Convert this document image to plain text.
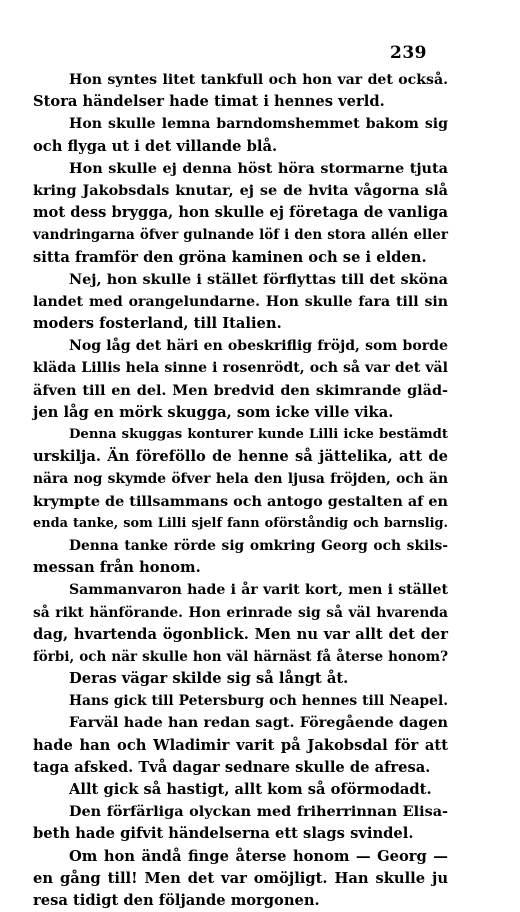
239
Hon syntes litet tankfull och hon var det också.
Stora händelser hade timat i hennes verld.
Hon skulle lemna barndomshemmet bakom sig
och flyga ut i det villande blå.
Hon skulle ej denna höst höra stormarne tjuta
kring Jakobsdals knutar, ej se de hvita vågorna slå
mot dess brygga, hon skulle ej företaga de vanliga
vandringarna öfver gulnande löf i den stora allén eller
sitta framför den gröna kaminen och se i elden.
Nej, hon skulle i stället förflyttas till det sköna
landet med orangelundarne. Hon skulle fara till sin
moders fosterland, till Italien.
Nog låg det häri en obeskriflig fröjd, som borde
kläda Lillis hela sinne i rosenrödt, och så var det väl
äfven till en del. Men bredvid den skimrande gläd-
jen låg en mörk skugga, som icke ville vika.
Denna skuggas konturer kunde Lilli icke bestämdt
urskilja. Än föreföllo de henne så jättelika, att de
nära nog skymde öfver hela den ljusa fröjden, och än
krympte de tillsammans och antogo gestalten af en
enda tanke, som Lilli sjelf fann oförståndig och barnslig.
Denna tanke rörde sig omkring Georg och skils-
messan från honom.
Sammanvaron hade i år varit kort, men i stället
så rikt hänförande. Hon erinrade sig så väl hvarenda
dag, hvartenda ögonblick. Men nu var allt det der
förbi, och när skulle hon väl härnäst få återse honom?
Deras vägar skilde sig så långt åt.
Hans gick till Petersburg och hennes till Neapel.
Farväl hade han redan sagt. Föregående dagen
hade han och Wladimir varit på Jakobsdal för att
taga afsked. Två dagar sednare skulle de afresa.
Allt gick så hastigt, allt kom så oförmodadt.
Den förfärliga olyckan med friherrinnan Elisa-
beth hade gifvit händelserna ett slags svindel.
Om hon ändå finge återse honom — Georg —
en gång till! Men det var omöjligt. Han skulle ju
resa tidigt den följande morgonen.
